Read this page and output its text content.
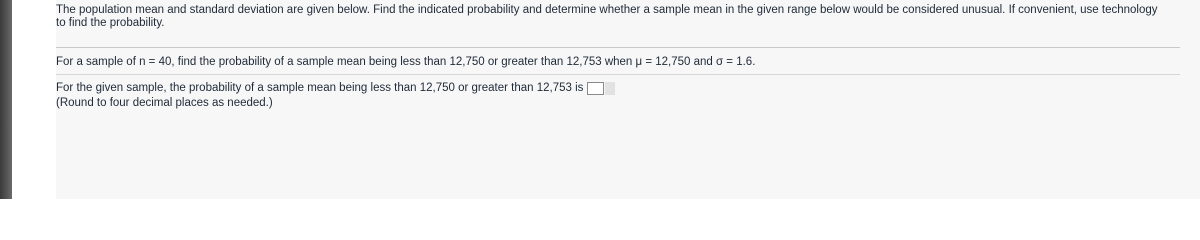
The population mean and standard deviation are given below. Find the indicated probability and determine whether a sample mean in the given range below would be considered unusual. If convenient, use technology to find the probability.
For a sample of n = 40, find the probability of a sample mean being less than 12,750 or greater than 12,753 when μ = 12,750 and σ = 1.6.
For the given sample, the probability of a sample mean being less than 12,750 or greater than 12,753 is
(Round to four decimal places as needed.)
